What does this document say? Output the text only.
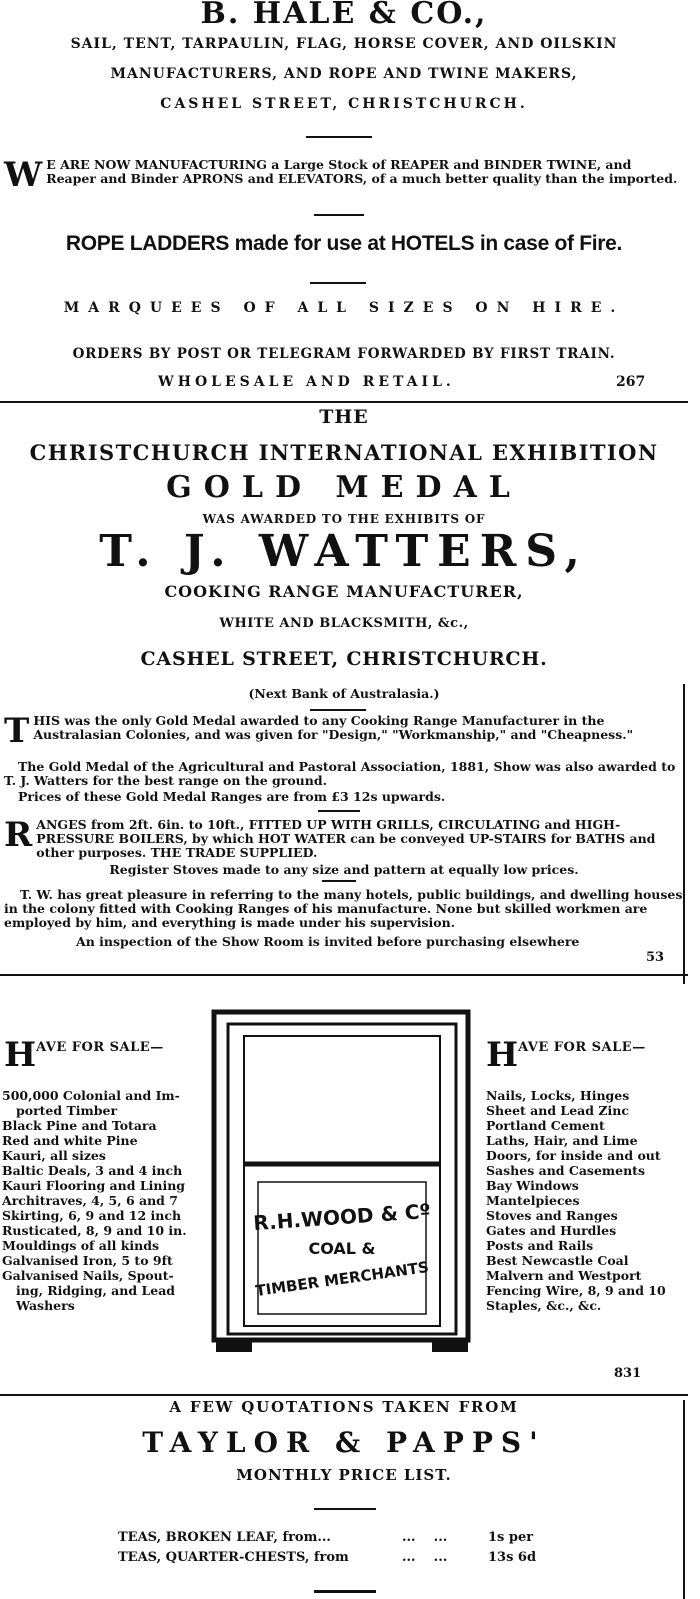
B. HALE & CO.,
SAIL, TENT, TARPAULIN, FLAG, HORSE COVER, AND OILSKIN
MANUFACTURERS, AND ROPE AND TWINE MAKERS,
CASHEL STREET, CHRISTCHURCH.
W E ARE NOW MANUFACTURING a Large Stock of REAPER and BINDER TWINE, and Reaper and Binder APRONS and ELEVATORS, of a much better quality than the imported.
ROPE LADDERS made for use at HOTELS in case of Fire.
MARQUEES OF ALL SIZES ON HIRE.
ORDERS BY POST OR TELEGRAM FORWARDED BY FIRST TRAIN.
WHOLESALE AND RETAIL.	267
THE
CHRISTCHURCH INTERNATIONAL EXHIBITION
GOLD MEDAL
WAS AWARDED TO THE EXHIBITS OF
T. J. WATTERS,
COOKING RANGE MANUFACTURER,
WHITE AND BLACKSMITH, &c.,
CASHEL STREET, CHRISTCHURCH.
(Next Bank of Australasia.)
T HIS was the only Gold Medal awarded to any Cooking Range Manufacturer in the Australasian Colonies, and was given for "Design," "Workmanship," and "Cheapness."
The Gold Medal of the Agricultural and Pastoral Association, 1881, Show was also awarded to T. J. Watters for the best range on the ground.
Prices of these Gold Medal Ranges are from £3 12s upwards.
R ANGES from 2ft. 6in. to 10ft., FITTED UP WITH GRILLS, CIRCULATING and HIGH-PRESSURE BOILERS, by which HOT WATER can be conveyed UP-STAIRS for BATHS and other purposes. THE TRADE SUPPLIED.
Register Stoves made to any size and pattern at equally low prices.
T. W. has great pleasure in referring to the many hotels, public buildings, and dwelling houses in the colony fitted with Cooking Ranges of his manufacture. None but skilled workmen are employed by him, and everything is made under his supervision.
An inspection of the Show Room is invited before purchasing elsewhere
53
$H^{AVE FOR SALE—}$
500,000 Colonial and Im-
ported Timber
Black Pine and Totara
Red and white Pine
Kauri, all sizes
Baltic Deals, 3 and 4 inch
Kauri Flooring and Lining
Architraves, 4, 5, 6 and 7
Skirting, 6, 9 and 12 inch
Rusticated, 8, 9 and 10 in.
Mouldings of all kinds
Galvanised Iron, 5 to 9ft
Galvanised Nails, Spout-
ing, Ridging, and Lead
Washers
R.H.WOOD & Cº
COAL &
TIMBER MERCHANTS
$H^{AVE FOR SALE—}$
Nails, Locks, Hinges
Sheet and Lead Zinc
Portland Cement
Laths, Hair, and Lime
Doors, for inside and out
Sashes and Casements
Bay Windows
Mantelpieces
Stoves and Ranges
Gates and Hurdles
Posts and Rails
Best Newcastle Coal
Malvern and Westport
Fencing Wire, 8, 9 and 10
Staples, &c., &c.
831
A FEW QUOTATIONS TAKEN FROM
TAYLOR & PAPPS'
MONTHLY PRICE LIST.
TEAS, BROKEN LEAF, from...	...    ...	1s per
TEAS, QUARTER-CHESTS, from	...    ...	13s 6d
